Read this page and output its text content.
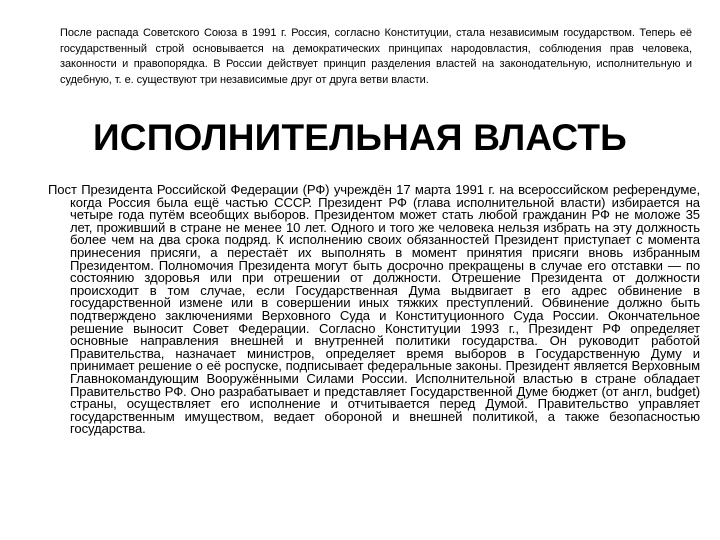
После распада Советского Союза в 1991 г. Россия, согласно Конституции, стала независимым государством. Теперь её государственный строй основывается на демократических принципах народовластия, соблюдения прав человека, законности и правопорядка. В России действует принцип разделения властей на законодательную, исполнительную и судебную, т. е. существуют три независимые друг от друга ветви власти.

ИСПОЛНИТЕЛЬНАЯ ВЛАСТЬ

Пост Президента Российской Федерации (РФ) учреждён 17 марта 1991 г. на всероссийском референдуме, когда Россия была ещё частью СССР. Президент РФ (глава исполнительной власти) избирается на четыре года путём всеобщих выборов. Президентом может стать любой гражданин РФ не моложе 35 лет, проживший в стране не менее 10 лет. Одного и того же человека нельзя избрать на эту должность более чем на два срока подряд. К исполнению своих обязанностей Президент приступает с момента принесения присяги, а перестаёт их выполнять в момент принятия присяги вновь избранным Президентом. Полномочия Президента могут быть досрочно прекращены в случае его отставки — по состоянию здоровья или при отрешении от должности. Отрешение Президента от должности происходит в том случае, если Государственная Дума выдвигает в его адрес обвинение в государственной измене или в совершении иных тяжких преступлений. Обвинение должно быть подтверждено заключениями Верховного Суда и Конституционного Суда России. Окончательное решение выносит Совет Федерации. Согласно Конституции 1993 г., Президент РФ определяет основные направления внешней и внутренней политики государства. Он руководит работой Правительства, назначает министров, определяет время выборов в Государственную Думу и принимает решение о её роспуске, подписывает федеральные законы. Президент является Верховным Главнокомандующим Вооружёнными Силами России. Исполнительной властью в стране обладает Правительство РФ. Оно разрабатывает и представляет Государственной Думе бюджет (от англ, budget) страны, осуществляет его исполнение и отчитывается перед Думой. Правительство управляет государственным имуществом, ведает обороной и внешней политикой, а также безопасностью государства.
